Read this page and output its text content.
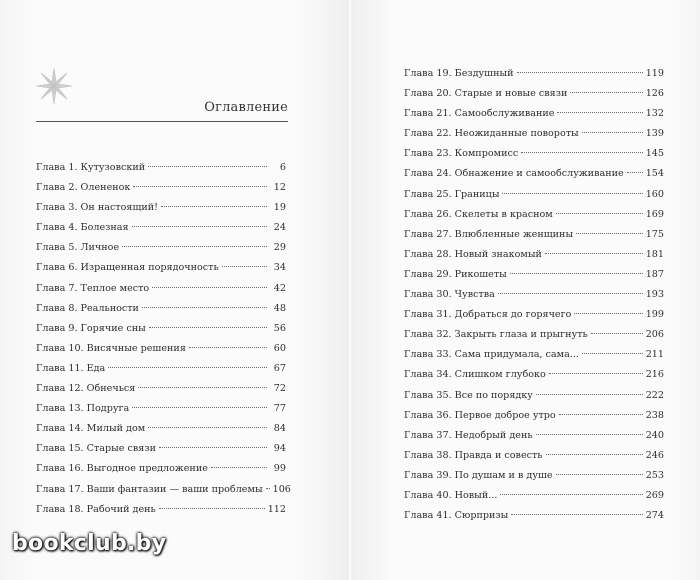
Оглавление
Глава 1. Кутузовский	6
Глава 2. Олененок	12
Глава 3. Он настоящий!	19
Глава 4. Болезная	24
Глава 5. Личное	29
Глава 6. Изращенная порядочность	34
Глава 7. Теплое место	42
Глава 8. Реальности	48
Глава 9. Горячие сны	56
Глава 10. Висячные решения	60
Глава 11. Еда	67
Глава 12. Обнечься	72
Глава 13. Подруга	77
Глава 14. Милый дом	84
Глава 15. Старые связи	94
Глава 16. Выгодное предложение	99
Глава 17. Ваши фантазии — ваши проблемы 106
Глава 18. Рабочий день	112
Глава 19. Бездушный	119
Глава 20. Старые и новые связи	126
Глава 21. Самообслуживание	132
Глава 22. Неожиданные повороты	139
Глава 23. Компромисс	145
Глава 24. Обнажение и самообслуживание 154
Глава 25. Границы	160
Глава 26. Скелеты в красном	169
Глава 27. Влюбленные женщины	175
Глава 28. Новый знакомый	181
Глава 29. Рикошеты	187
Глава 30. Чувства	193
Глава 31. Добраться до горячего	199
Глава 32. Закрыть глаза и прыгнуть	206
Глава 33. Сама придумала, сама...	211
Глава 34. Слишком глубоко	216
Глава 35. Все по порядку	222
Глава 36. Первое доброе утро	238
Глава 37. Недобрый день	240
Глава 38. Правда и совесть	246
Глава 39. По душам и в душе	253
Глава 40. Новый...	269
Глава 41. Сюрпризы	274
bookclub.by
